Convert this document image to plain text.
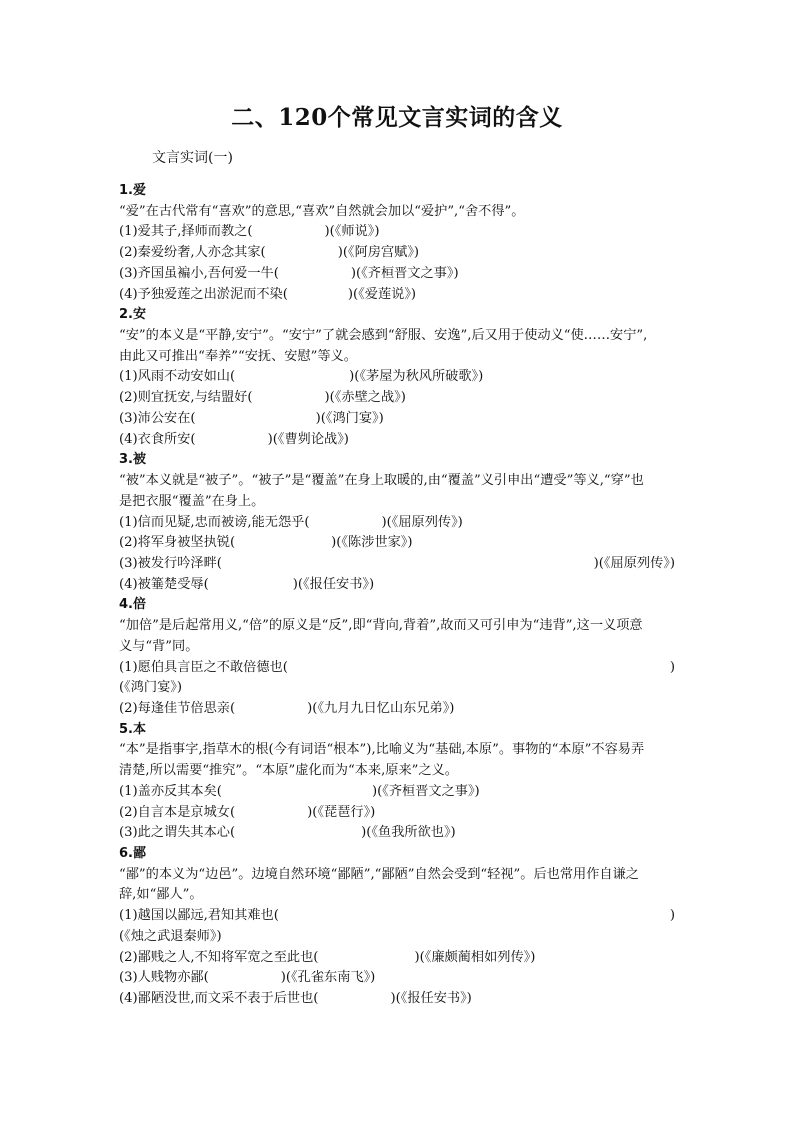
二、120个常见文言实词的含义
文言实词(一)
1.爱
“爱”在古代常有“喜欢”的意思,“喜欢”自然就会加以“爱护”,“舍不得”。
(1)爱其子,择师而教之(	)(《师说》)
(2)秦爱纷奢,人亦念其家(	)(《阿房宫赋》)
(3)齐国虽褊小,吾何爱一牛(	)(《齐桓晋文之事》)
(4)予独爱莲之出淤泥而不染(	)(《爱莲说》)
2.安
“安”的本义是“平静,安宁”。“安宁”了就会感到“舒服、安逸”,后又用于使动义“使……安宁”,
由此又可推出“奉养”“安抚、安慰”等义。
(1)风雨不动安如山(	)(《茅屋为秋风所破歌》)
(2)则宜抚安,与结盟好(	)(《赤壁之战》)
(3)沛公安在(	)(《鸿门宴》)
(4)衣食所安(	)(《曹刿论战》)
3.被
“被”本义就是“被子”。“被子”是“覆盖”在身上取暖的,由“覆盖”义引申出“遭受”等义,“穿”也
是把衣服“覆盖”在身上。
(1)信而见疑,忠而被谤,能无怨乎(	)(《屈原列传》)
(2)将军身被坚执锐(	)(《陈涉世家》)
(3)被发行吟泽畔(	)(《屈原列传》)
(4)被箠楚受辱(	)(《报任安书》)
4.倍
“加倍”是后起常用义,“倍”的原义是“反”,即“背向,背着”,故而又可引申为“违背”,这一义项意
义与“背”同。
(1)愿伯具言臣之不敢倍德也(	)
(《鸿门宴》)
(2)每逢佳节倍思亲(	)(《九月九日忆山东兄弟》)
5.本
“本”是指事字,指草木的根(今有词语“根本”),比喻义为“基础,本原”。事物的“本原”不容易弄
清楚,所以需要“推究”。“本原”虚化而为“本来,原来”之义。
(1)盖亦反其本矣(	)(《齐桓晋文之事》)
(2)自言本是京城女(	)(《琵琶行》)
(3)此之谓失其本心(	)(《鱼我所欲也》)
6.鄙
“鄙”的本义为“边邑”。边境自然环境“鄙陋”,“鄙陋”自然会受到“轻视”。后也常用作自谦之
辞,如“鄙人”。
(1)越国以鄙远,君知其难也(	)
(《烛之武退秦师》)
(2)鄙贱之人,不知将军宽之至此也(	)(《廉颇蔺相如列传》)
(3)人贱物亦鄙(	)(《孔雀东南飞》)
(4)鄙陋没世,而文采不表于后世也(	)(《报任安书》)
